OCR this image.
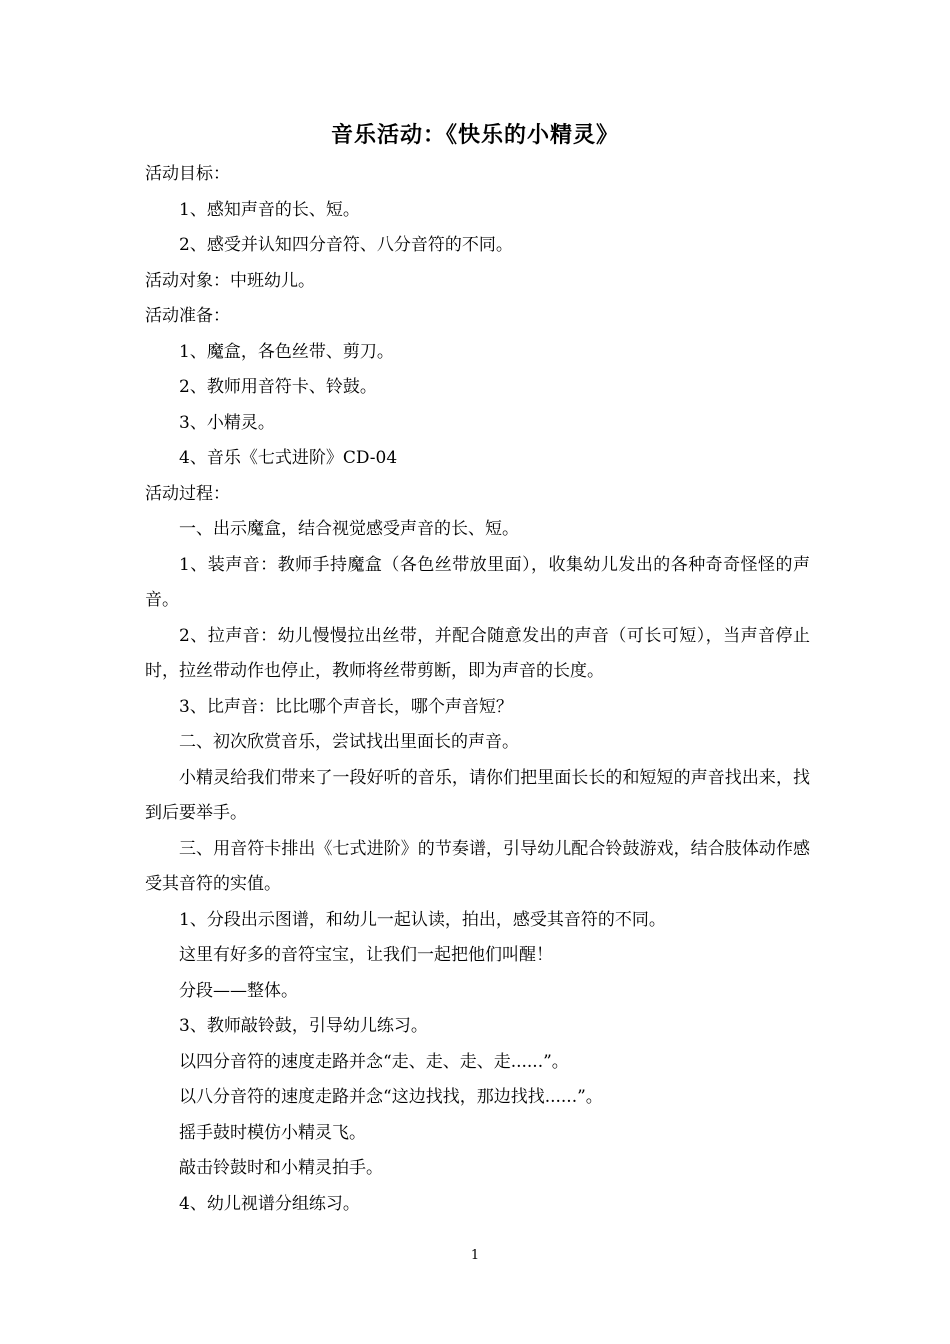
音乐活动：《快乐的小精灵》

活动目标：

1、感知声音的长、短。

2、感受并认知四分音符、八分音符的不同。

活动对象：中班幼儿。

活动准备：

1、魔盒，各色丝带、剪刀。

2、教师用音符卡、铃鼓。

3、小精灵。

4、音乐《七式进阶》CD-04

活动过程：

一、出示魔盒，结合视觉感受声音的长、短。

1、装声音：教师手持魔盒（各色丝带放里面），收集幼儿发出的各种奇奇怪怪的声音。

2、拉声音：幼儿慢慢拉出丝带，并配合随意发出的声音（可长可短），当声音停止时，拉丝带动作也停止，教师将丝带剪断，即为声音的长度。

3、比声音：比比哪个声音长，哪个声音短？

二、初次欣赏音乐，尝试找出里面长的声音。

小精灵给我们带来了一段好听的音乐，请你们把里面长长的和短短的声音找出来，找到后要举手。

三、用音符卡排出《七式进阶》的节奏谱，引导幼儿配合铃鼓游戏，结合肢体动作感受其音符的实值。

1、分段出示图谱，和幼儿一起认读，拍出，感受其音符的不同。

这里有好多的音符宝宝，让我们一起把他们叫醒！

分段——整体。

3、教师敲铃鼓，引导幼儿练习。

以四分音符的速度走路并念“走、走、走、走......”。

以八分音符的速度走路并念“这边找找，那边找找......”。

摇手鼓时模仿小精灵飞。

敲击铃鼓时和小精灵拍手。

4、幼儿视谱分组练习。

1
